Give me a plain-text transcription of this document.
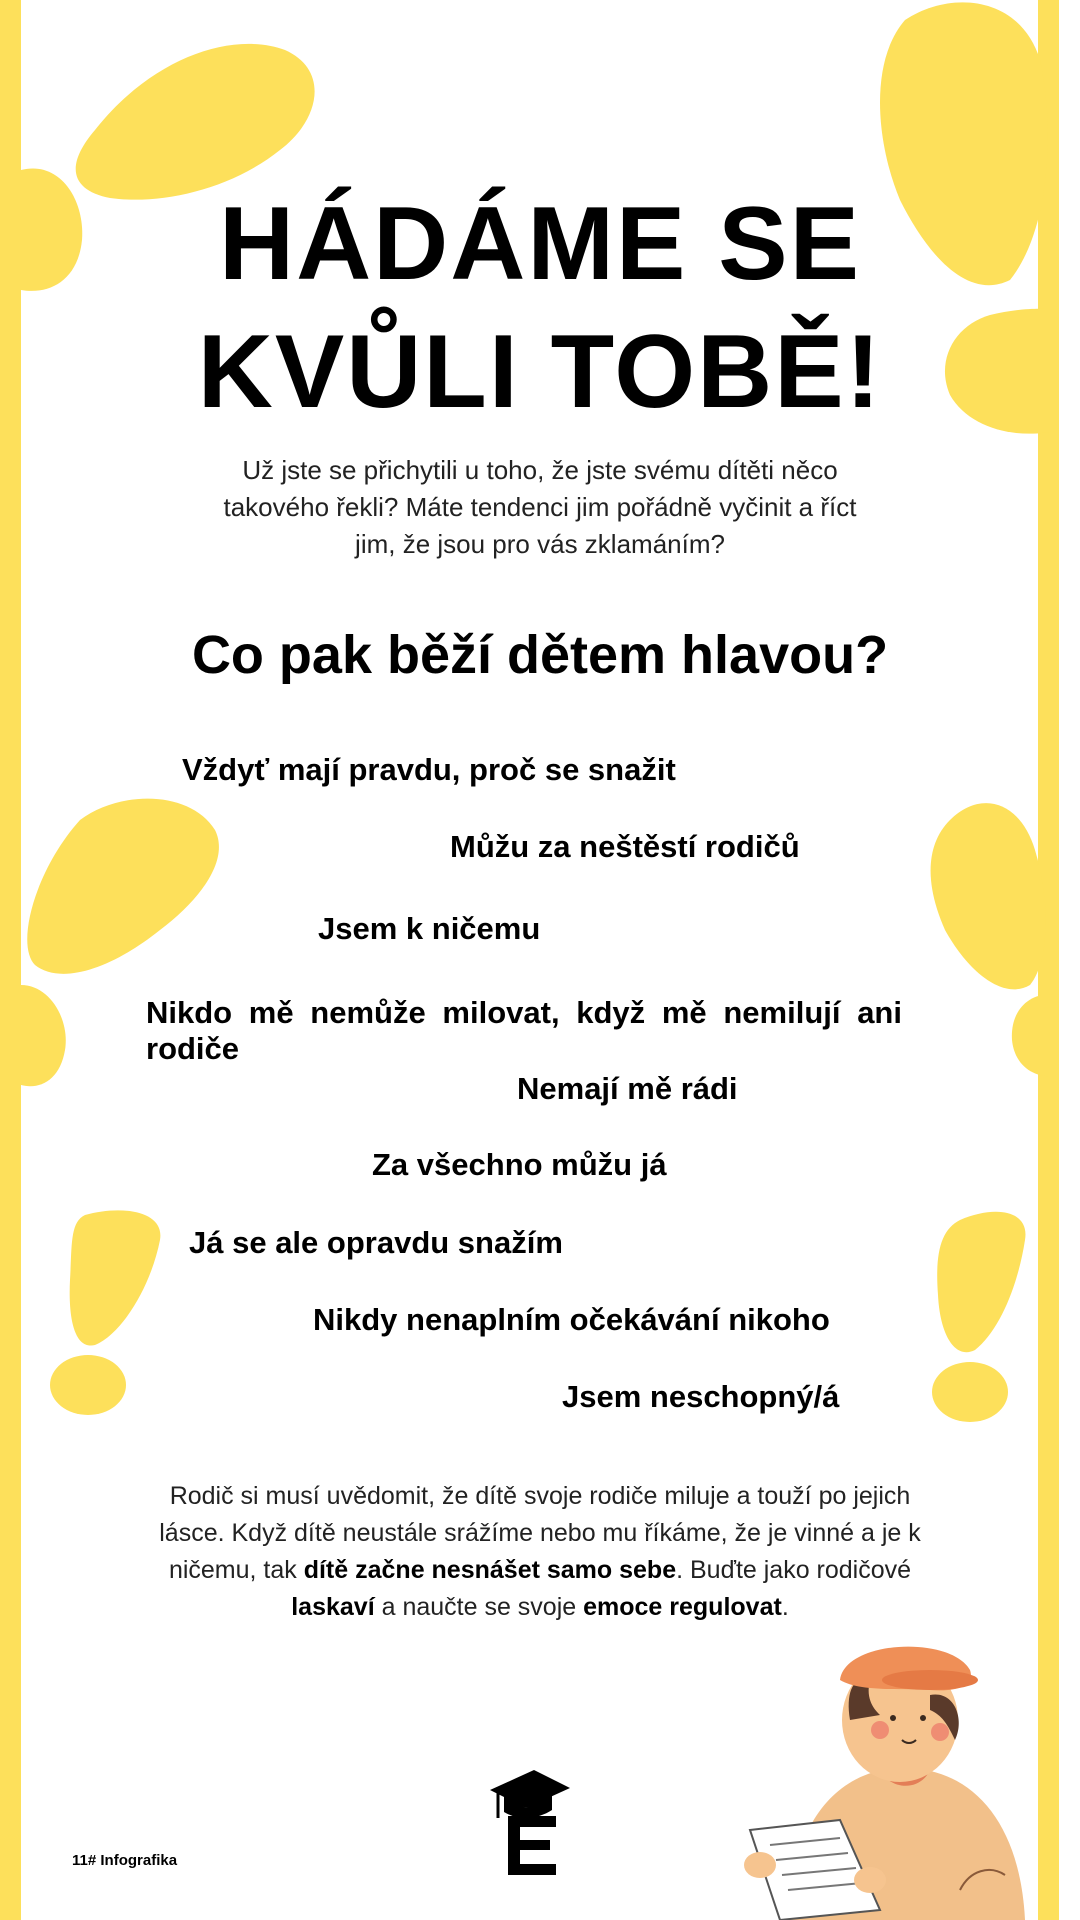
HÁDÁME SE
KVŮLI TOBĚ!
Už jste se přichytili u toho, že jste svému dítěti něco takového řekli? Máte tendenci jim pořádně vyčinit a říct jim, že jsou pro vás zklamáním?
Co pak běží dětem hlavou?
Vždyť mají pravdu, proč se snažit
Můžu za neštěstí rodičů
Jsem k ničemu
Nikdo mě nemůže milovat, když mě nemilují ani rodiče
Nemají mě rádi
Za všechno můžu já
Já se ale opravdu snažím
Nikdy nenaplním očekávání nikoho
Jsem neschopný/á
Rodič si musí uvědomit, že dítě svoje rodiče miluje a touží po jejich lásce. Když dítě neustále srážíme nebo mu říkáme, že je vinné a je k ničemu, tak dítě začne nesnášet samo sebe. Buďte jako rodičové laskaví a naučte se svoje emoce regulovat.
11# Infografika
